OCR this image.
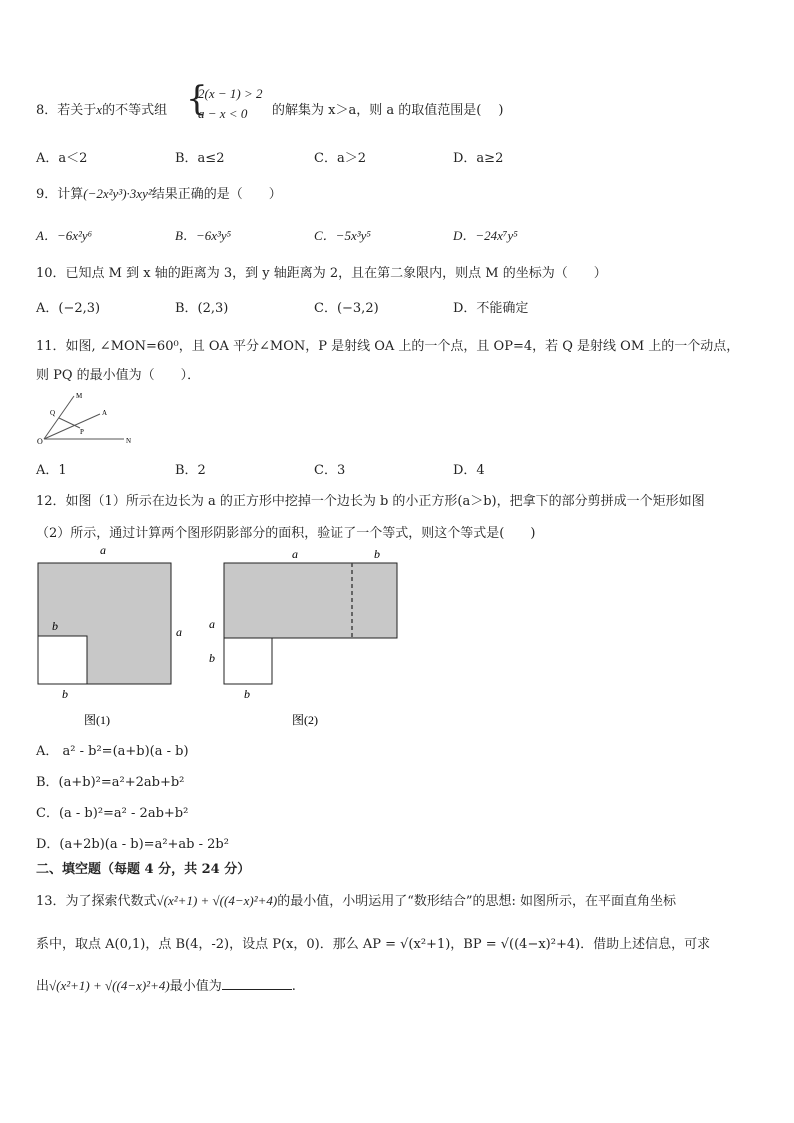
8．若关于x的不等式组 {
2(x − 1) > 2
a − x < 0	的解集为 x＞a，则 a 的取值范围是(　 )
A．a＜2	B．a≤2	C．a＞2	D．a≥2
9．计算(−2x²y³)·3xy²结果正确的是（　　）
A．−6x²y⁶	B．−6x³y⁵	C．−5x³y⁵	D．−24x⁷y⁵
10．已知点 M 到 x 轴的距离为 3，到 y 轴距离为 2，且在第二象限内，则点 M 的坐标为（　　）
A．(−2,3)	B．(2,3)	C．(−3,2)	D．不能确定
11．如图, ∠MON=60⁰，且 OA 平分∠MON，P 是射线 OA 上的一个点，且 OP=4，若 Q 是射线 OM 上的一个动点，
则 PQ 的最小值为（　　）．
M
A
Q
P
O	N
A．1	B．2	C．3	D．4
12．如图（1）所示在边长为 a 的正方形中挖掉一个边长为 b 的小正方形(a＞b)，把拿下的部分剪拼成一个矩形如图
（2）所示，通过计算两个图形阴影部分的面积，验证了一个等式，则这个等式是(　　)
a
a
b
b
图(1)
a	b
a
b
b
图(2)
A． a² - b²=(a+b)(a - b)
B．(a+b)²=a²+2ab+b²
C．(a - b)²=a² - 2ab+b²
D．(a+2b)(a - b)=a²+ab - 2b²
二、填空题（每题 4 分，共 24 分）
13．为了探索代数式√(x²+1) + √((4−x)²+4)的最小值，小明运用了“数形结合”的思想: 如图所示，在平面直角坐标
系中，取点 A(0,1)，点 B(4，-2)，设点 P(x，0)．那么 AP = √(x²+1)，BP = √((4−x)²+4)．借助上述信息，可求
出√(x²+1) + √((4−x)²+4)最小值为	.
